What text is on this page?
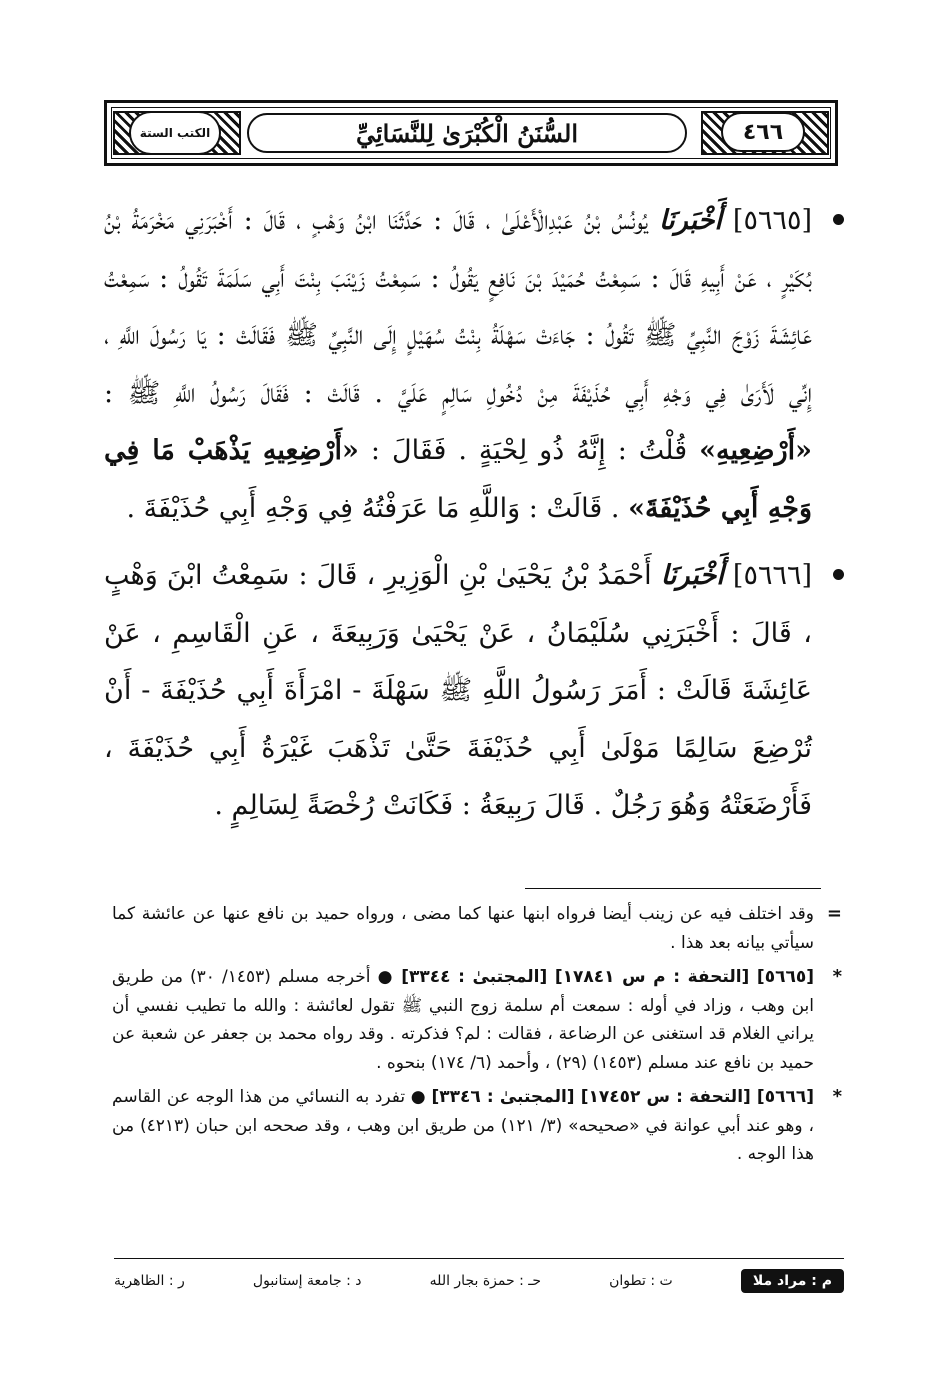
الكتب الستة	السُّنَنُ الْكُبْرَىٰ لِلنَّسَائِيِّ	٤٦٦

[٥٦٦٥] أَخْبَرنَا يُونُسُ بْنُ عَبْدِالْأَعْلَىٰ ، قَالَ : حَدَّثَنَا ابْنُ وَهْبٍ ، قَالَ : أَخْبَرَنِي مَخْرَمَةُ بْنُ بُكَيْرٍ ، عَنْ أَبِيهِ قَالَ : سَمِعْتُ حُمَيْدَ بْنَ نَافِعٍ يَقُولُ : سَمِعْتُ زَيْنَبَ بِنْتَ أَبِي سَلَمَةَ تَقُولُ : سَمِعْتُ عَائِشَةَ زَوْجَ النَّبِيِّ ﷺ تَقُولُ : جَاءَتْ سَهْلَةُ بِنْتُ سُهَيْلٍ إِلَى النَّبِيِّ ﷺ فَقَالَتْ : يَا رَسُولَ اللَّهِ ، إِنِّي لَأَرَىٰ فِي وَجْهِ أَبِي حُذَيْفَةَ مِنْ دُخُولِ سَالِمٍ عَلَيَّ . قَالَتْ : فَقَالَ رَسُولُ اللَّهِ ﷺ : «أَرْضِعِيهِ» قُلْتُ : إِنَّهُ ذُو لِحْيَةٍ . فَقَالَ : «أَرْضِعِيهِ يَذْهَبْ مَا فِي وَجْهِ أَبِي حُذَيْفَةَ» . قَالَتْ : وَاللَّهِ مَا عَرَفْتُهُ فِي وَجْهِ أَبِي حُذَيْفَةَ .

[٥٦٦٦] أَخْبَرنَا أَحْمَدُ بْنُ يَحْيَىٰ بْنِ الْوَزِيرِ ، قَالَ : سَمِعْتُ ابْنَ وَهْبٍ ، قَالَ : أَخْبَرَنِي سُلَيْمَانُ ، عَنْ يَحْيَىٰ وَرَبِيعَةَ ، عَنِ الْقَاسِمِ ، عَنْ عَائِشَةَ قَالَتْ : أَمَرَ رَسُولُ اللَّهِ ﷺ سَهْلَةَ - امْرَأَةَ أَبِي حُذَيْفَةَ - أَنْ تُرْضِعَ سَالِمًا مَوْلَىٰ أَبِي حُذَيْفَةَ حَتَّىٰ تَذْهَبَ غَيْرَةُ أَبِي حُذَيْفَةَ ، فَأَرْضَعَتْهُ وَهُوَ رَجُلٌ . قَالَ رَبِيعَةُ : فَكَانَتْ رُخْصَةً لِسَالِمٍ .

=
وقد اختلف فيه عن زينب أيضا فرواه ابنها عنها كما مضى ، ورواه حميد بن نافع عنها عن عائشة كما سيأتي بيانه بعد هذا .

*
[٥٦٦٥] [التحفة : م س ١٧٨٤١] [المجتبىٰ : ٣٣٤٤] ● أخرجه مسلم (١٤٥٣/ ٣٠) من طريق ابن وهب ، وزاد في أوله : سمعت أم سلمة زوج النبي ﷺ تقول لعائشة : والله ما تطيب نفسي أن يراني الغلام قد استغنى عن الرضاعة ، فقالت : لم؟ فذكرته . وقد رواه محمد بن جعفر عن شعبة عن حميد بن نافع عند مسلم (١٤٥٣) (٢٩) ، وأحمد (٦/ ١٧٤) بنحوه .

*
[٥٦٦٦] [التحفة : س ١٧٤٥٢] [المجتبىٰ : ٣٣٤٦] ● تفرد به النسائي من هذا الوجه عن القاسم ، وهو عند أبي عوانة في «صحيحه» (٣/ ١٢١) من طريق ابن وهب ، وقد صححه ابن حبان (٤٢١٣) من هذا الوجه .

م : مراد ملا
ت : تطوان
حـ : حمزة بجار الله
د : جامعة إستانبول
ر : الظاهرية
